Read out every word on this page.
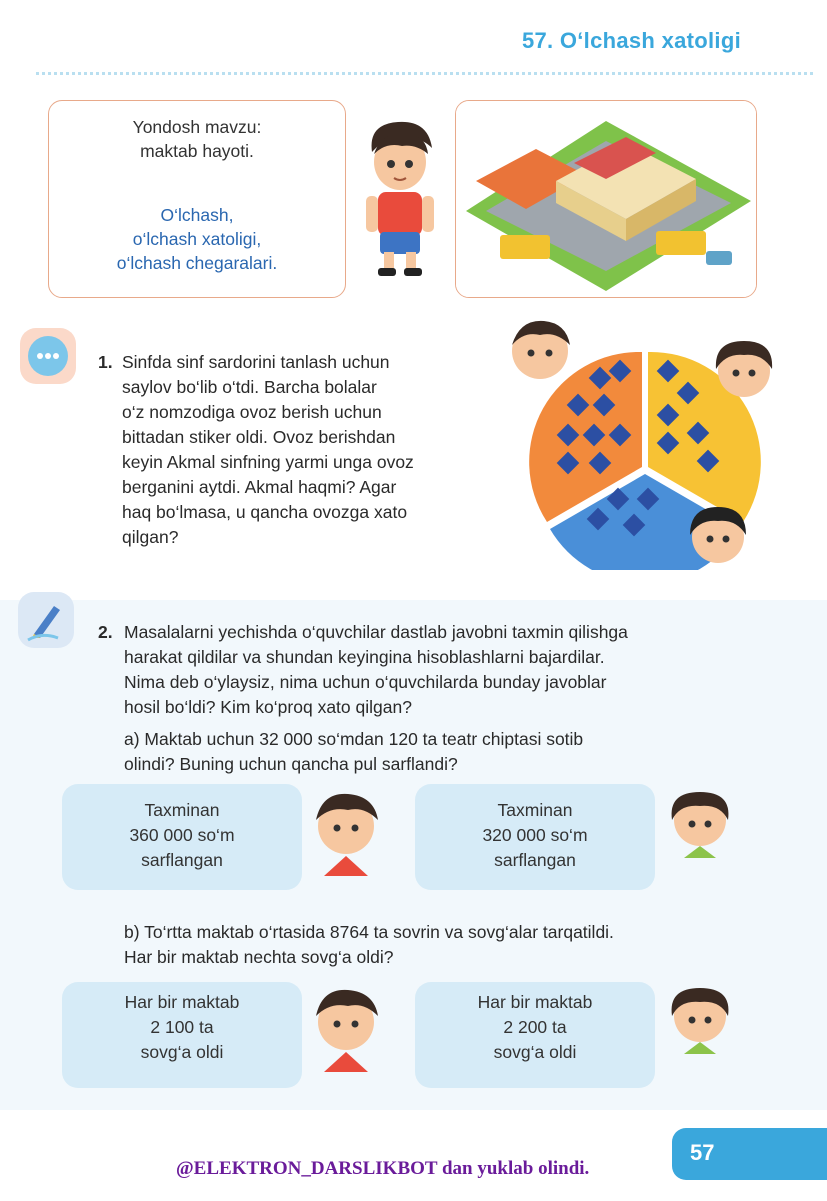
57. O‘lchash xatoligi
Yondosh mavzu:
maktab hayoti.
O‘lchash,
o‘lchash xatoligi,
o‘lchash chegaralari.
1. Sinfda sinf sardorini tanlash uchun
saylov bo‘lib o‘tdi. Barcha bolalar
o‘z nomzodiga ovoz berish uchun
bittadan stiker oldi. Ovoz berishdan
keyin Akmal sinfning yarmi unga ovoz
berganini aytdi. Akmal haqmi? Agar
haq bo‘lmasa, u qancha ovozga xato
qilgan?
2. Masalalarni yechishda o‘quvchilar dastlab javobni taxmin qilishga
harakat qildilar va shundan keyingina hisoblashlarni bajardilar.
Nima deb o‘ylaysiz, nima uchun o‘quvchilarda bunday javoblar
hosil bo‘ldi? Kim ko‘proq xato qilgan?
a) Maktab uchun 32 000 so‘mdan 120 ta teatr chiptasi sotib
olindi? Buning uchun qancha pul sarflandi?
Taxminan
360 000 so‘m
sarflangan
Taxminan
320 000 so‘m
sarflangan
b) To‘rtta maktab o‘rtasida 8764 ta sovrin va sovg‘alar tarqatildi.
Har bir maktab nechta sovg‘a oldi?
Har bir maktab
2 100 ta
sovg‘a oldi
Har bir maktab
2 200 ta
sovg‘a oldi
57
@ELEKTRON_DARSLIKBOT dan yuklab olindi.
